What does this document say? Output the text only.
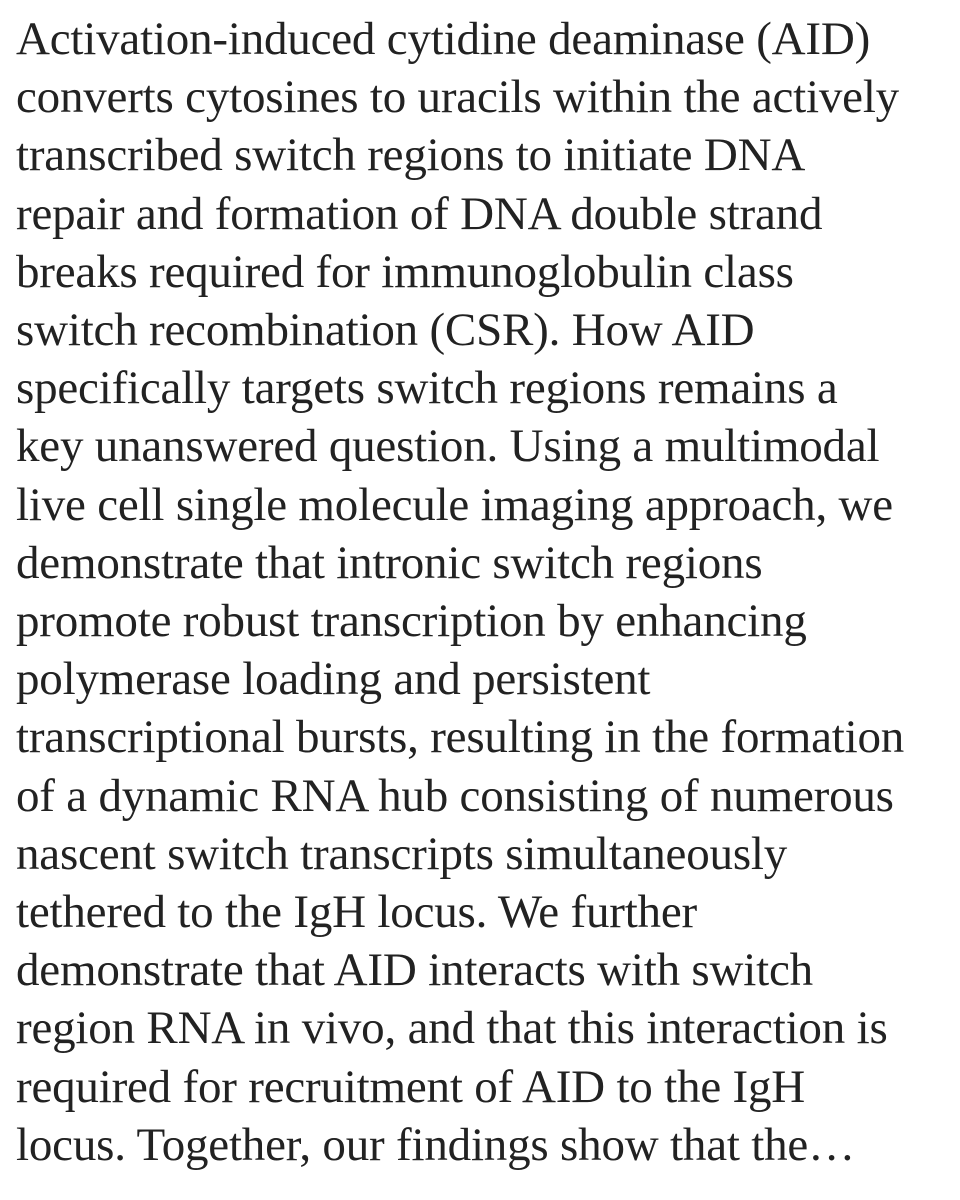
Activation-induced cytidine deaminase (AID)
converts cytosines to uracils within the actively
transcribed switch regions to initiate DNA
repair and formation of DNA double strand
breaks required for immunoglobulin class
switch recombination (CSR). How AID
specifically targets switch regions remains a
key unanswered question. Using a multimodal
live cell single molecule imaging approach, we
demonstrate that intronic switch regions
promote robust transcription by enhancing
polymerase loading and persistent
transcriptional bursts, resulting in the formation
of a dynamic RNA hub consisting of numerous
nascent switch transcripts simultaneously
tethered to the IgH locus. We further
demonstrate that AID interacts with switch
region RNA in vivo, and that this interaction is
required for recruitment of AID to the IgH
locus. Together, our findings show that the…
